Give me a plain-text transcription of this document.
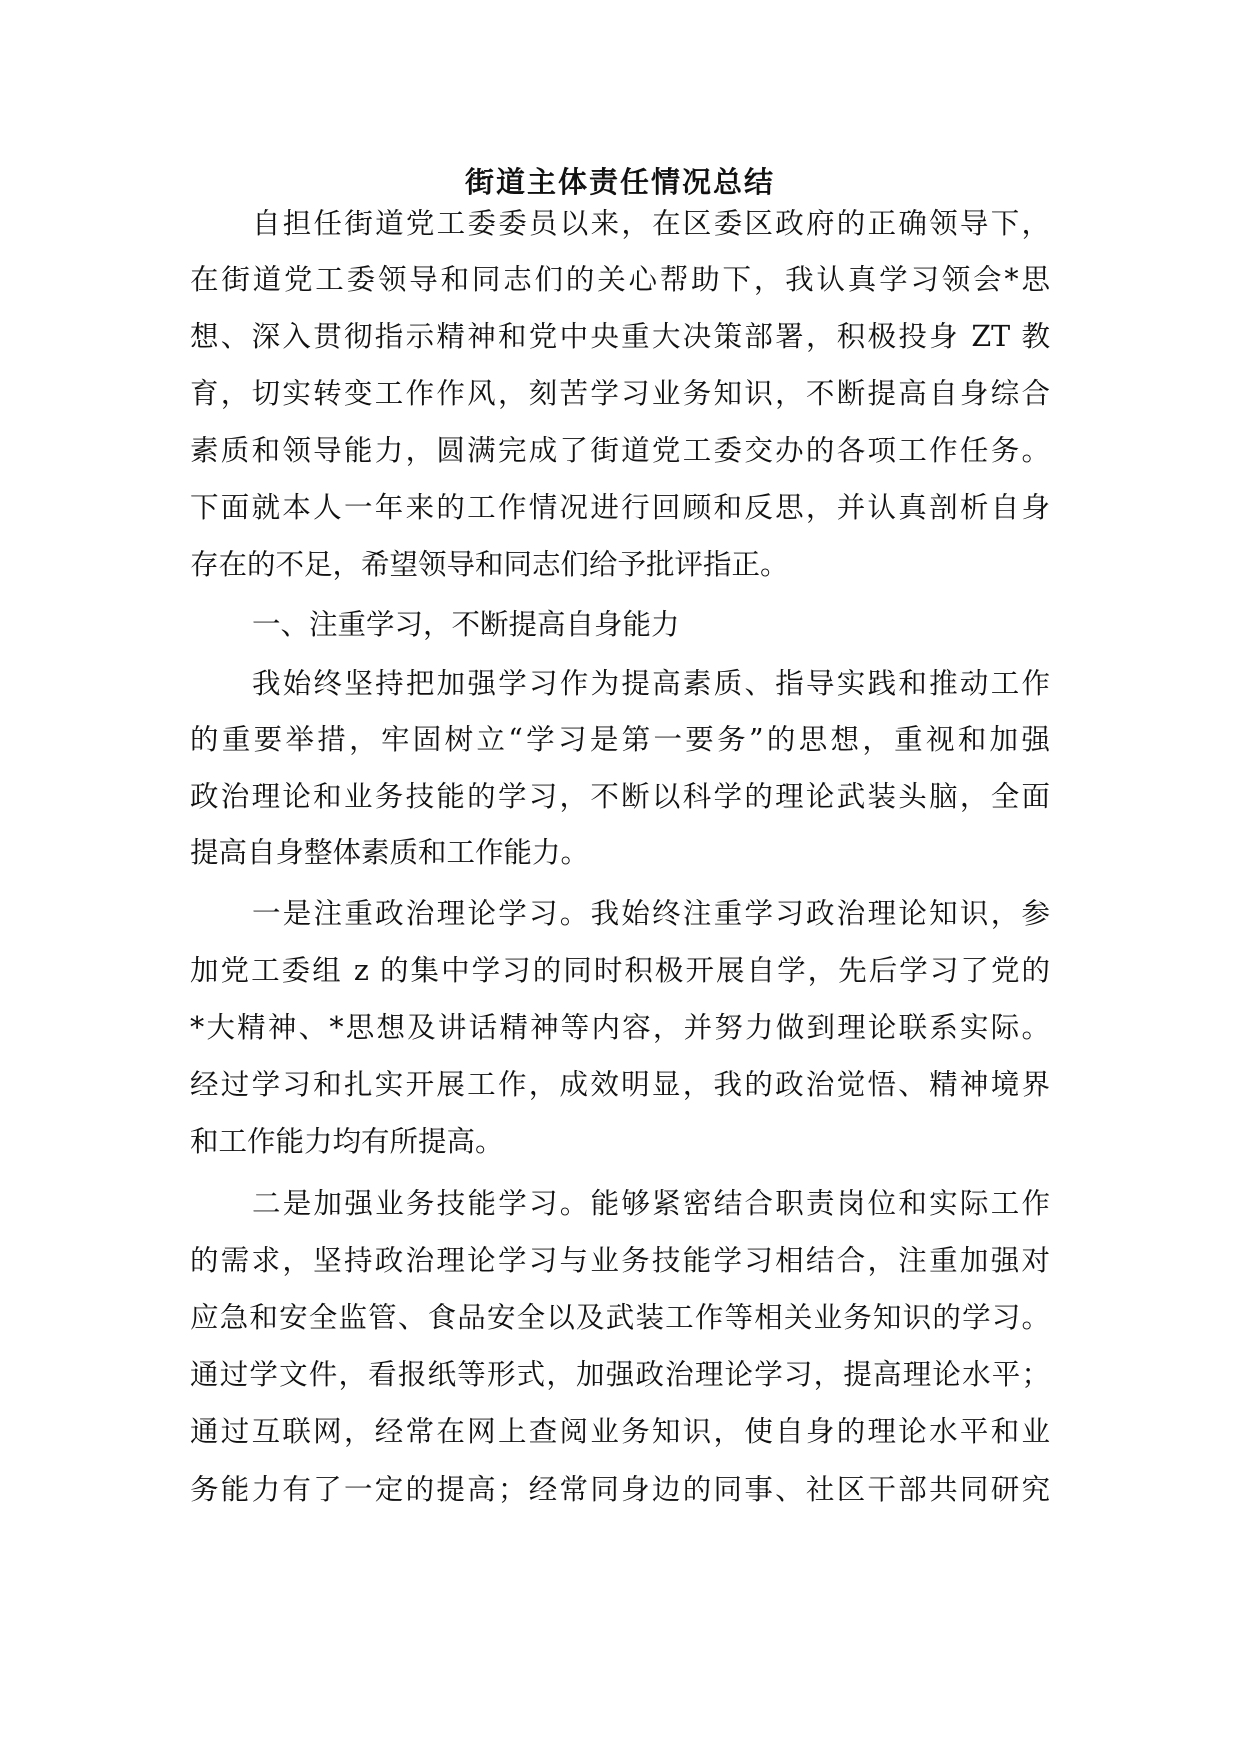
街道主体责任情况总结
自担任街道党工委委员以来，在区委区政府的正确领导下，
在街道党工委领导和同志们的关心帮助下，我认真学习领会*思
想、深入贯彻指示精神和党中央重大决策部署，积极投身 ZT 教
育，切实转变工作作风，刻苦学习业务知识，不断提高自身综合
素质和领导能力，圆满完成了街道党工委交办的各项工作任务。
下面就本人一年来的工作情况进行回顾和反思，并认真剖析自身
存在的不足，希望领导和同志们给予批评指正。
一、注重学习，不断提高自身能力
我始终坚持把加强学习作为提高素质、指导实践和推动工作
的重要举措，牢固树立“学习是第一要务”的思想，重视和加强
政治理论和业务技能的学习，不断以科学的理论武装头脑，全面
提高自身整体素质和工作能力。
一是注重政治理论学习。我始终注重学习政治理论知识，参
加党工委组 z 的集中学习的同时积极开展自学，先后学习了党的
*大精神、*思想及讲话精神等内容，并努力做到理论联系实际。
经过学习和扎实开展工作，成效明显，我的政治觉悟、精神境界
和工作能力均有所提高。
二是加强业务技能学习。能够紧密结合职责岗位和实际工作
的需求，坚持政治理论学习与业务技能学习相结合，注重加强对
应急和安全监管、食品安全以及武装工作等相关业务知识的学习。
通过学文件，看报纸等形式，加强政治理论学习，提高理论水平；
通过互联网，经常在网上查阅业务知识，使自身的理论水平和业
务能力有了一定的提高；经常同身边的同事、社区干部共同研究
